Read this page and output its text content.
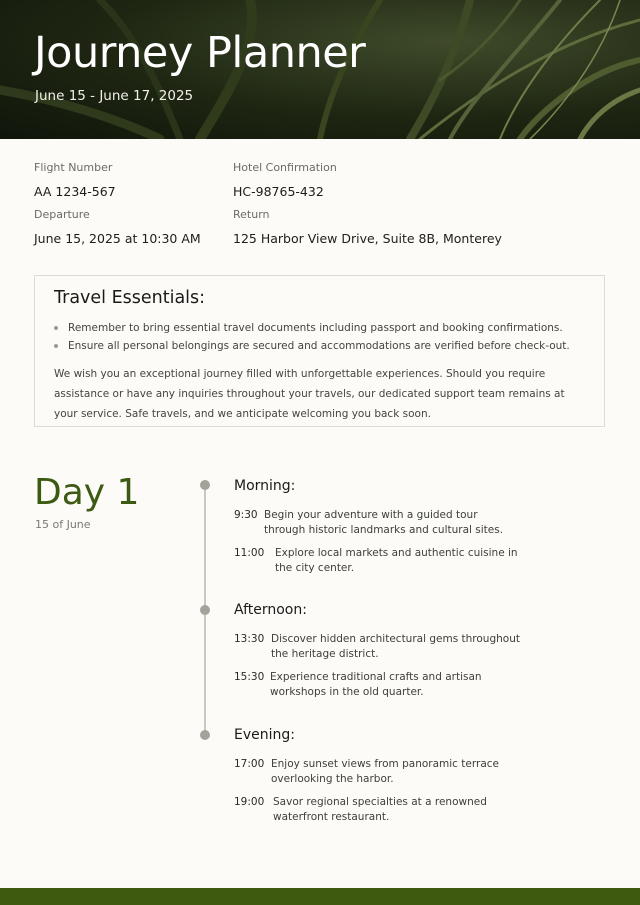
Journey Planner
June 15 - June 17, 2025
Flight Number
AA 1234-567
Hotel Confirmation
HC-98765-432
Departure
June 15, 2025 at 10:30 AM
Return
125 Harbor View Drive, Suite 8B, Monterey
Travel Essentials:
Remember to bring essential travel documents including passport and booking confirmations.
Ensure all personal belongings are secured and accommodations are verified before check-out.

We wish you an exceptional journey filled with unforgettable experiences. Should you require assistance or have any inquiries throughout your travels, our dedicated support team remains at your service. Safe travels, and we anticipate welcoming you back soon.

Day 1
15 of June
Morning:
9:30 Begin your adventure with a guided tour through historic landmarks and cultural sites.
11:00	Explore local markets and authentic cuisine in the city center.
Afternoon:
13:30 Discover hidden architectural gems throughout the heritage district.
15:30 Experience traditional crafts and artisan workshops in the old quarter.
Evening:
17:00 Enjoy sunset views from panoramic terrace overlooking the harbor.
19:00 Savor regional specialties at a renowned waterfront restaurant.
